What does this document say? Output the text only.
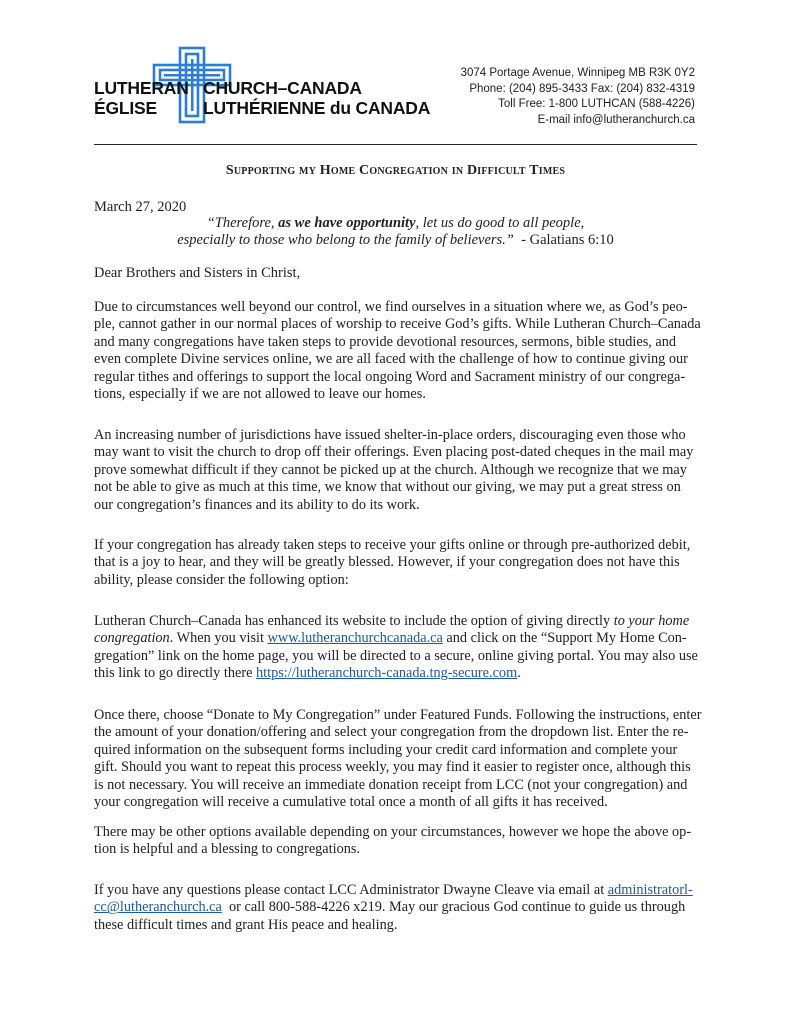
LUTHERAN CHURCH–CANADA
ÉGLISE	LUTHÉRIENNE du CANADA
3074 Portage Avenue, Winnipeg MB R3K 0Y2
Phone: (204) 895-3433 Fax: (204) 832-4319
Toll Free: 1-800 LUTHCAN (588-4226)
E-mail info@lutheranchurch.ca
Supporting my Home Congregation in Difficult Times
March 27, 2020
“Therefore, as we have opportunity, let us do good to all people,
especially to those who belong to the family of believers.”  - Galatians 6:10
Dear Brothers and Sisters in Christ,

Due to circumstances well beyond our control, we find ourselves in a situation where we, as God’s peo-
ple, cannot gather in our normal places of worship to receive God’s gifts. While Lutheran Church–Canada
and many congregations have taken steps to provide devotional resources, sermons, bible studies, and
even complete Divine services online, we are all faced with the challenge of how to continue giving our
regular tithes and offerings to support the local ongoing Word and Sacrament ministry of our congrega-
tions, especially if we are not allowed to leave our homes.

An increasing number of jurisdictions have issued shelter-in-place orders, discouraging even those who
may want to visit the church to drop off their offerings. Even placing post-dated cheques in the mail may
prove somewhat difficult if they cannot be picked up at the church. Although we recognize that we may
not be able to give as much at this time, we know that without our giving, we may put a great stress on
our congregation’s finances and its ability to do its work.

If your congregation has already taken steps to receive your gifts online or through pre-authorized debit,
that is a joy to hear, and they will be greatly blessed. However, if your congregation does not have this
ability, please consider the following option:

Lutheran Church–Canada has enhanced its website to include the option of giving directly to your home
congregation. When you visit www.lutheranchurchcanada.ca and click on the “Support My Home Con-
gregation” link on the home page, you will be directed to a secure, online giving portal. You may also use
this link to go directly there https://lutheranchurch-canada.tng-secure.com.

Once there, choose “Donate to My Congregation” under Featured Funds. Following the instructions, enter
the amount of your donation/offering and select your congregation from the dropdown list. Enter the re-
quired information on the subsequent forms including your credit card information and complete your
gift. Should you want to repeat this process weekly, you may find it easier to register once, although this
is not necessary. You will receive an immediate donation receipt from LCC (not your congregation) and
your congregation will receive a cumulative total once a month of all gifts it has received.

There may be other options available depending on your circumstances, however we hope the above op-
tion is helpful and a blessing to congregations.

If you have any questions please contact LCC Administrator Dwayne Cleave via email at administratorl-
cc@lutheranchurch.ca  or call 800-588-4226 x219. May our gracious God continue to guide us through
these difficult times and grant His peace and healing.
